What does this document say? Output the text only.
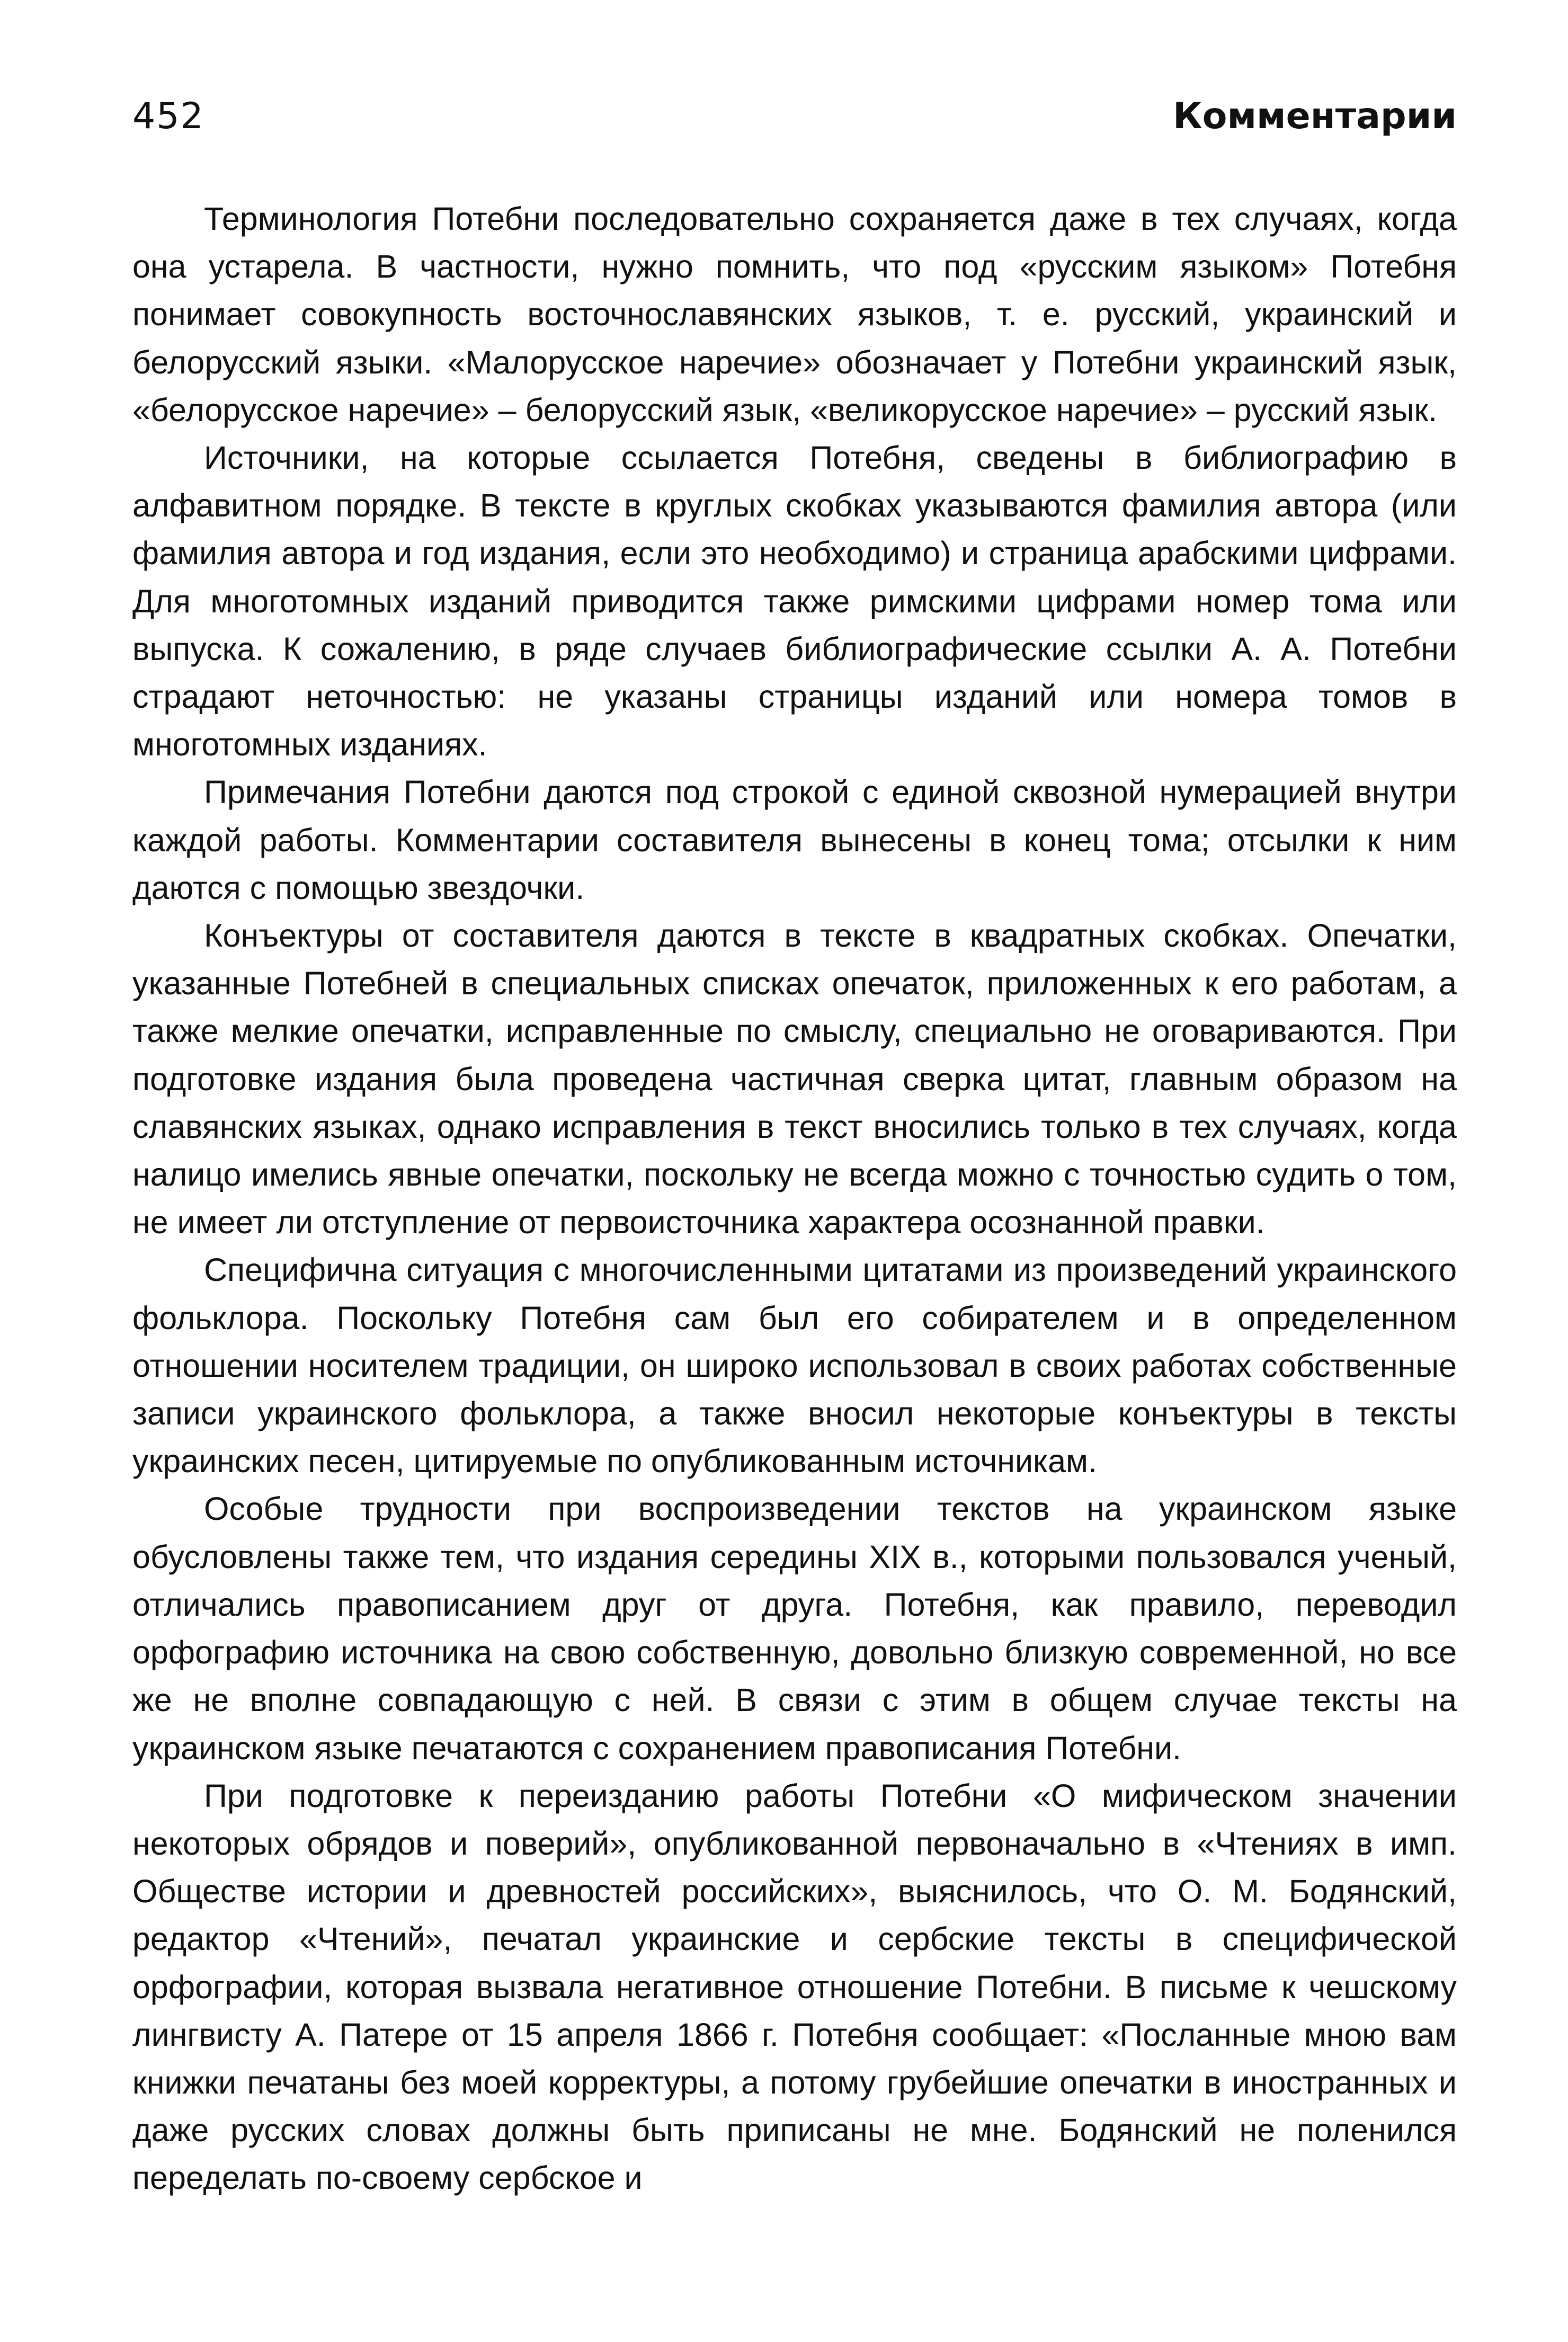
452	Комментарии

Терминология Потебни последовательно сохраняется даже в тех случаях, когда она устарела. В частности, нужно помнить, что под «русским языком» Потебня понимает совокупность восточнославянских языков, т. е. русский, украинский и белорусский языки. «Малорусское наречие» обозначает у Потебни украинский язык, «белорусское наречие» – белорусский язык, «великорусское наречие» – русский язык.

Источники, на которые ссылается Потебня, сведены в библиографию в алфавитном порядке. В тексте в круглых скобках указываются фамилия автора (или фамилия автора и год издания, если это необходимо) и страница арабскими цифрами. Для многотомных изданий приводится также римскими цифрами номер тома или выпуска. К сожалению, в ряде случаев библиографические ссылки А. А. Потебни страдают неточностью: не указаны страницы изданий или номера томов в многотомных изданиях.

Примечания Потебни даются под строкой с единой сквозной нумерацией внутри каждой работы. Комментарии составителя вынесены в конец тома; отсылки к ним даются с помощью звездочки.

Конъектуры от составителя даются в тексте в квадратных скобках. Опечатки, указанные Потебней в специальных списках опечаток, приложенных к его работам, а также мелкие опечатки, исправленные по смыслу, специально не оговариваются. При подготовке издания была проведена частичная сверка цитат, главным образом на славянских языках, однако исправления в текст вносились только в тех случаях, когда налицо имелись явные опечатки, поскольку не всегда можно с точностью судить о том, не имеет ли отступление от первоисточника характера осознанной правки.

Специфична ситуация с многочисленными цитатами из произведений украинского фольклора. Поскольку Потебня сам был его собирателем и в определенном отношении носителем традиции, он широко использовал в своих работах собственные записи украинского фольклора, а также вносил некоторые конъектуры в тексты украинских песен, цитируемые по опубликованным источникам.

Особые трудности при воспроизведении текстов на украинском языке обусловлены также тем, что издания середины XIX в., которыми пользовался ученый, отличались правописанием друг от друга. Потебня, как правило, переводил орфографию источника на свою собственную, довольно близкую современной, но все же не вполне совпадающую с ней. В связи с этим в общем случае тексты на украинском языке печатаются с сохранением правописания Потебни.

При подготовке к переизданию работы Потебни «О мифическом значении некоторых обрядов и поверий», опубликованной первоначально в «Чтениях в имп. Обществе истории и древностей российских», выяснилось, что О. М. Бодянский, редактор «Чтений», печатал украинские и сербские тексты в специфической орфографии, которая вызвала негативное отношение Потебни. В письме к чешскому лингвисту А. Патере от 15 апреля 1866 г. Потебня сообщает: «Посланные мною вам книжки печатаны без моей корректуры, а потому грубейшие опечатки в иностранных и даже русских словах должны быть приписаны не мне. Бодянский не поленился переделать по-своему сербское и
